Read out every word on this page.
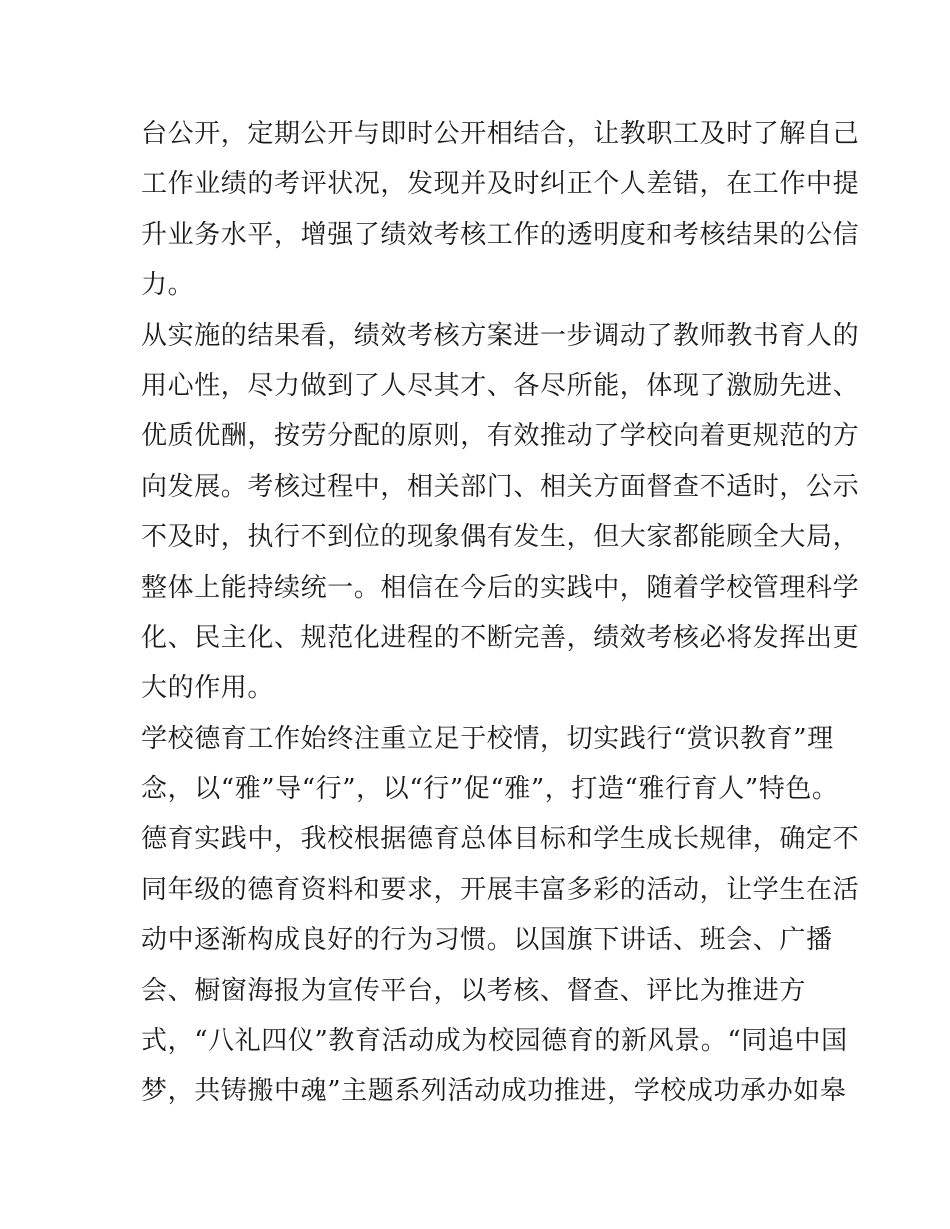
台公开，定期公开与即时公开相结合，让教职工及时了解自己
工作业绩的考评状况，发现并及时纠正个人差错，在工作中提
升业务水平，增强了绩效考核工作的透明度和考核结果的公信
力。
从实施的结果看，绩效考核方案进一步调动了教师教书育人的
用心性，尽力做到了人尽其才、各尽所能，体现了激励先进、
优质优酬，按劳分配的原则，有效推动了学校向着更规范的方
向发展。考核过程中，相关部门、相关方面督查不适时，公示
不及时，执行不到位的现象偶有发生，但大家都能顾全大局，
整体上能持续统一。相信在今后的实践中，随着学校管理科学
化、民主化、规范化进程的不断完善，绩效考核必将发挥出更
大的作用。
学校德育工作始终注重立足于校情，切实践行“赏识教育”理
念，以“雅”导“行”，以“行”促“雅”，打造“雅行育人”特色。
德育实践中，我校根据德育总体目标和学生成长规律，确定不
同年级的德育资料和要求，开展丰富多彩的活动，让学生在活
动中逐渐构成良好的行为习惯。以国旗下讲话、班会、广播
会、橱窗海报为宣传平台，以考核、督查、评比为推进方
式，“八礼四仪”教育活动成为校园德育的新风景。“同追中国
梦，共铸搬中魂”主题系列活动成功推进，学校成功承办如皋
